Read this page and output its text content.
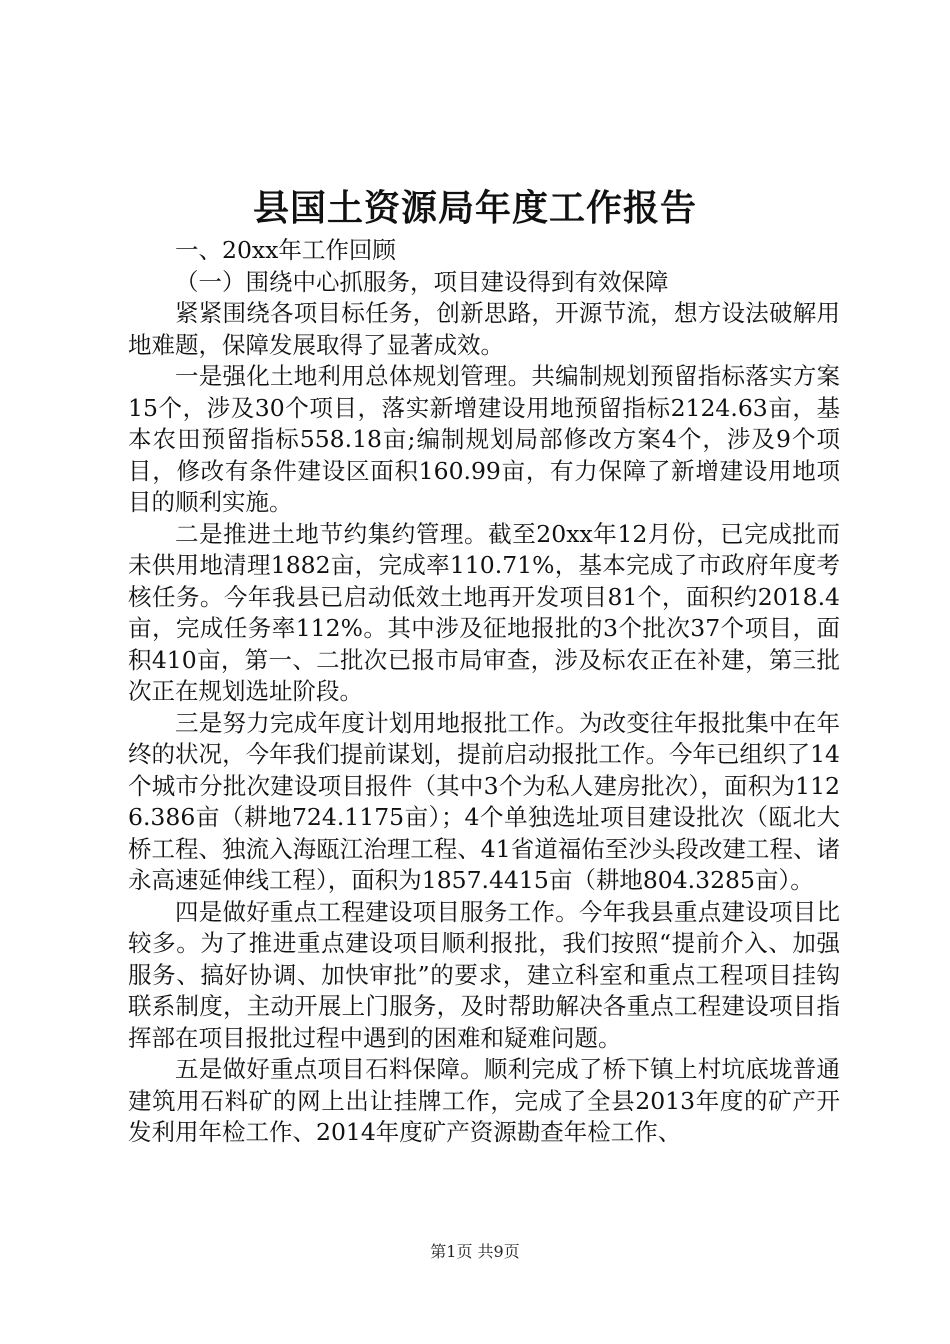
县国土资源局年度工作报告

一、20xx年工作回顾

（一）围绕中心抓服务，项目建设得到有效保障

紧紧围绕各项目标任务，创新思路，开源节流，想方设法破解用地难题，保障发展取得了显著成效。

一是强化土地利用总体规划管理。共编制规划预留指标落实方案15个，涉及30个项目，落实新增建设用地预留指标2124.63亩，基本农田预留指标558.18亩;编制规划局部修改方案4个，涉及9个项目，修改有条件建设区面积160.99亩，有力保障了新增建设用地项目的顺利实施。

二是推进土地节约集约管理。截至20xx年12月份，已完成批而未供用地清理1882亩，完成率110.71%，基本完成了市政府年度考核任务。今年我县已启动低效土地再开发项目81个，面积约2018.4亩，完成任务率112%。其中涉及征地报批的3个批次37个项目，面积410亩，第一、二批次已报市局审查，涉及标农正在补建，第三批次正在规划选址阶段。

三是努力完成年度计划用地报批工作。为改变往年报批集中在年终的状况，今年我们提前谋划，提前启动报批工作。今年已组织了14个城市分批次建设项目报件（其中3个为私人建房批次），面积为1126.386亩（耕地724.1175亩）；4个单独选址项目建设批次（瓯北大桥工程、独流入海瓯江治理工程、41省道福佑至沙头段改建工程、诸永高速延伸线工程），面积为1857.4415亩（耕地804.3285亩）。

四是做好重点工程建设项目服务工作。今年我县重点建设项目比较多。为了推进重点建设项目顺利报批，我们按照“提前介入、加强服务、搞好协调、加快审批”的要求，建立科室和重点工程项目挂钩联系制度，主动开展上门服务，及时帮助解决各重点工程建设项目指挥部在项目报批过程中遇到的困难和疑难问题。

五是做好重点项目石料保障。顺利完成了桥下镇上村坑底垅普通建筑用石料矿的网上出让挂牌工作，完成了全县2013年度的矿产开发利用年检工作、2014年度矿产资源勘查年检工作、

第1页 共9页
